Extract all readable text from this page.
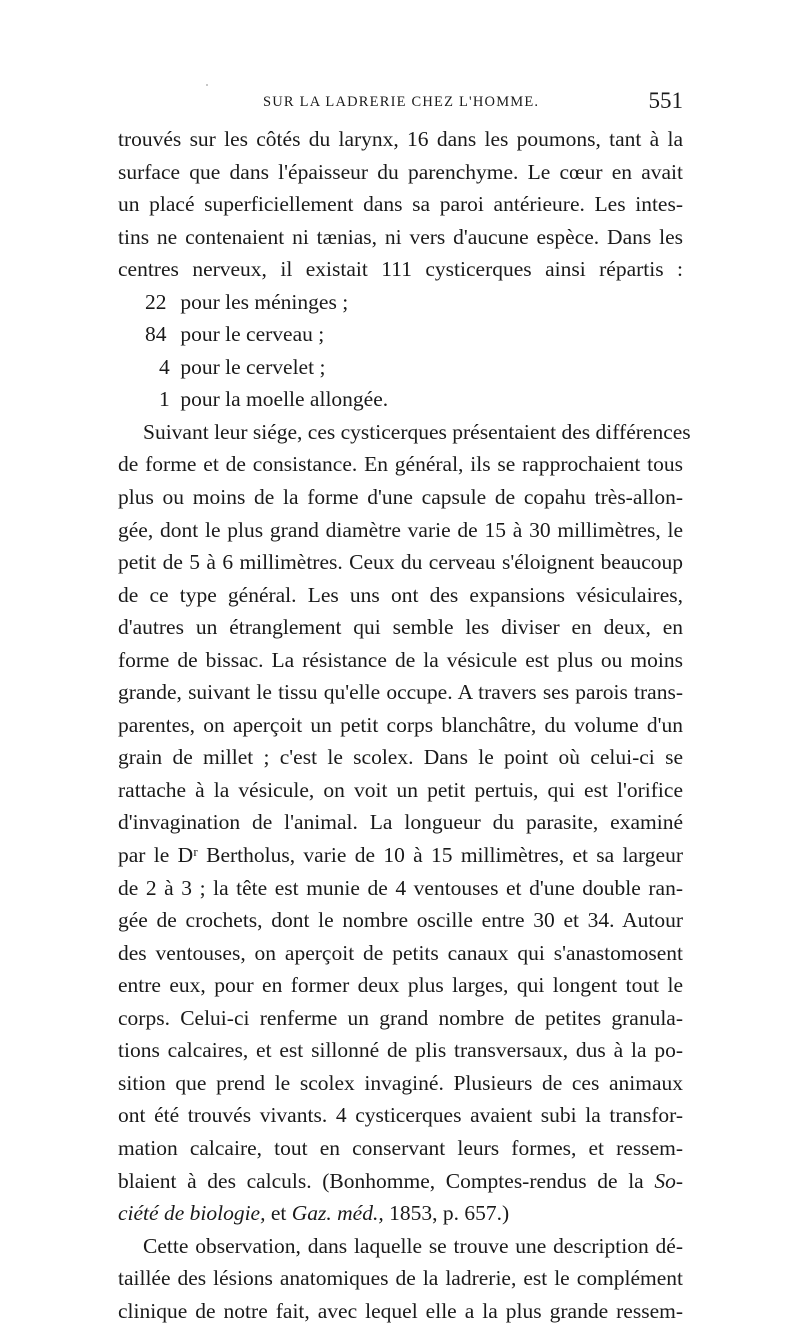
SUR LA LADRERIE CHEZ L'HOMME.	551
trouvés sur les côtés du larynx, 16 dans les poumons, tant à la
surface que dans l'épaisseur du parenchyme. Le cœur en avait
un placé superficiellement dans sa paroi antérieure. Les intes-
tins ne contenaient ni tænias, ni vers d'aucune espèce. Dans les
centres nerveux, il existait 111 cysticerques ainsi répartis :
22 pour les méninges ;
84 pour le cerveau ;
4 pour le cervelet ;
1 pour la moelle allongée.
Suivant leur siége, ces cysticerques présentaient des différences
de forme et de consistance. En général, ils se rapprochaient tous
plus ou moins de la forme d'une capsule de copahu très-allon-
gée, dont le plus grand diamètre varie de 15 à 30 millimètres, le
petit de 5 à 6 millimètres. Ceux du cerveau s'éloignent beaucoup
de ce type général. Les uns ont des expansions vésiculaires,
d'autres un étranglement qui semble les diviser en deux, en
forme de bissac. La résistance de la vésicule est plus ou moins
grande, suivant le tissu qu'elle occupe. A travers ses parois trans-
parentes, on aperçoit un petit corps blanchâtre, du volume d'un
grain de millet ; c'est le scolex. Dans le point où celui-ci se
rattache à la vésicule, on voit un petit pertuis, qui est l'orifice
d'invagination de l'animal. La longueur du parasite, examiné
par le Dʳ Bertholus, varie de 10 à 15 millimètres, et sa largeur
de 2 à 3 ; la tête est munie de 4 ventouses et d'une double ran-
gée de crochets, dont le nombre oscille entre 30 et 34. Autour
des ventouses, on aperçoit de petits canaux qui s'anastomosent
entre eux, pour en former deux plus larges, qui longent tout le
corps. Celui-ci renferme un grand nombre de petites granula-
tions calcaires, et est sillonné de plis transversaux, dus à la po-
sition que prend le scolex invaginé. Plusieurs de ces animaux
ont été trouvés vivants. 4 cysticerques avaient subi la transfor-
mation calcaire, tout en conservant leurs formes, et ressem-
blaient à des calculs. (Bonhomme, Comptes-rendus de la So-
ciété de biologie, et Gaz. méd., 1853, p. 657.)
Cette observation, dans laquelle se trouve une description dé-
taillée des lésions anatomiques de la ladrerie, est le complément
clinique de notre fait, avec lequel elle a la plus grande ressem-
